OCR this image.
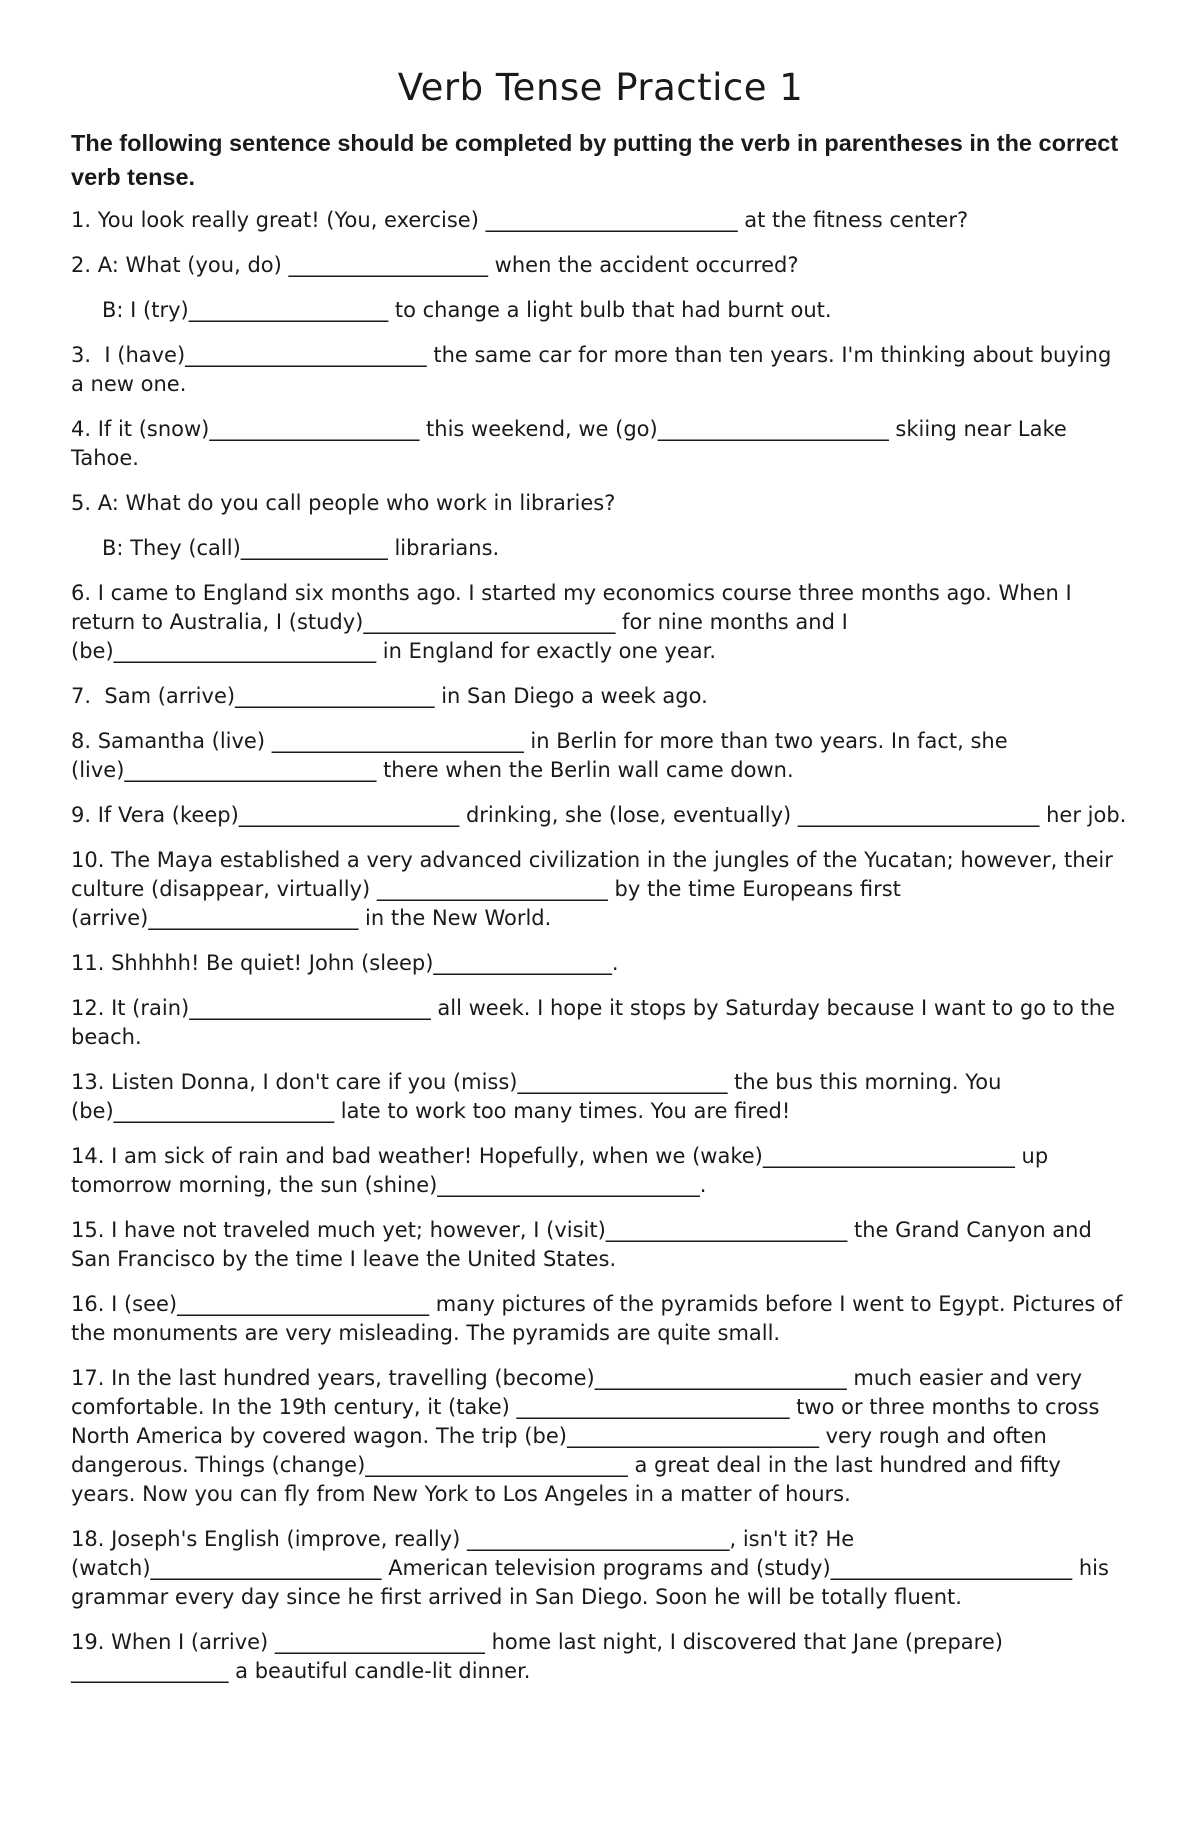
Verb Tense Practice 1

The following sentence should be completed by putting the verb in parentheses in the correct verb tense.

1. You look really great! (You, exercise) ________________________ at the fitness center?

2. A: What (you, do) ___________________ when the accident occurred?

B: I (try)___________________ to change a light bulb that had burnt out.

3.  I (have)_______________________ the same car for more than ten years. I'm thinking about buying a new one.

4. If it (snow)____________________ this weekend, we (go)______________________ skiing near Lake Tahoe.

5. A: What do you call people who work in libraries?

B: They (call)______________ librarians.

6. I came to England six months ago. I started my economics course three months ago. When I return to Australia, I (study)________________________ for nine months and I (be)_________________________ in England for exactly one year.

7.  Sam (arrive)___________________ in San Diego a week ago.

8. Samantha (live) ________________________ in Berlin for more than two years. In fact, she (live)________________________ there when the Berlin wall came down.

9. If Vera (keep)_____________________ drinking, she (lose, eventually) _______________________ her job.

10. The Maya established a very advanced civilization in the jungles of the Yucatan; however, their culture (disappear, virtually) ______________________ by the time Europeans first (arrive)____________________ in the New World.

11. Shhhhh! Be quiet! John (sleep)_________________.

12. It (rain)_______________________ all week. I hope it stops by Saturday because I want to go to the beach.

13. Listen Donna, I don't care if you (miss)____________________ the bus this morning. You (be)_____________________ late to work too many times. You are fired!

14. I am sick of rain and bad weather! Hopefully, when we (wake)________________________ up tomorrow morning, the sun (shine)_________________________.

15. I have not traveled much yet; however, I (visit)_______________________ the Grand Canyon and San Francisco by the time I leave the United States.

16. I (see)________________________ many pictures of the pyramids before I went to Egypt. Pictures of the monuments are very misleading. The pyramids are quite small.

17. In the last hundred years, travelling (become)________________________ much easier and very comfortable. In the 19th century, it (take) __________________________ two or three months to cross North America by covered wagon. The trip (be)________________________ very rough and often dangerous. Things (change)_________________________ a great deal in the last hundred and fifty years. Now you can fly from New York to Los Angeles in a matter of hours.

18. Joseph's English (improve, really) _________________________, isn't it? He (watch)______________________ American television programs and (study)_______________________ his grammar every day since he first arrived in San Diego. Soon he will be totally fluent.

19. When I (arrive) ____________________ home last night, I discovered that Jane (prepare) _______________ a beautiful candle-lit dinner.
